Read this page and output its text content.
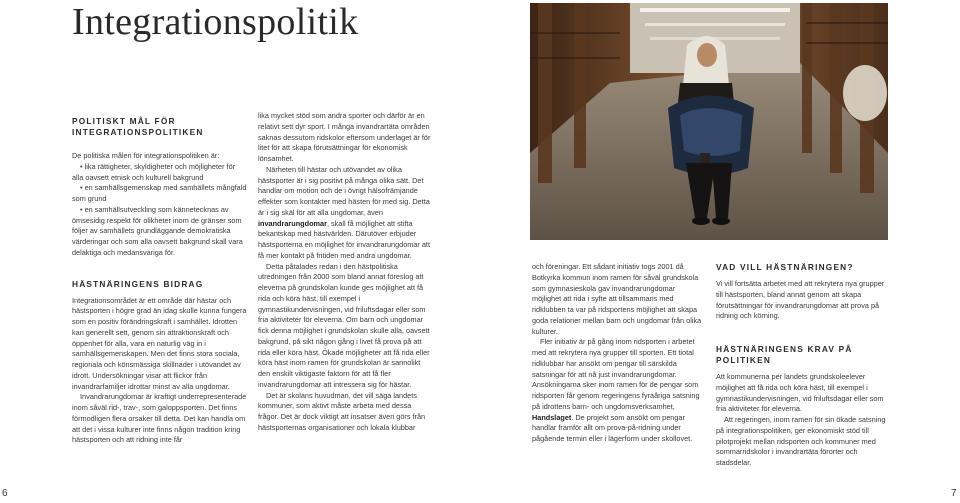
Integrationspolitik

POLITISKT MÅL FÖR

INTEGRATIONSPOLITIKEN

De politiska målen för integrationspolitiken är:

• lika rättigheter, skyldigheter och möjligheter för alla oavsett etnisk och kulturell bakgrund

• en samhällsgemenskap med samhällets mångfald som grund

• en samhällsutveckling som kännetecknas av ömsesidig respekt för olikheter inom de gränser som följer av samhällets grundläggande demokratiska värderingar och som alla oavsett bakgrund skall vara delaktiga och medansvariga för.

HÄSTNÄRINGENS BIDRAG

Integrationsområdet är ett område där hästar och hästsporten i högre grad än idag skulle kunna fungera som en positiv förändringskraft i samhället. Idrotten kan generellt sett, genom sin attraktionskraft och öppenhet för alla, vara en naturlig väg in i samhällsgemenskapen. Men det finns stora sociala, regionala och könsmässiga skillnader i utövandet av idrott. Undersökningar visar att flickor från invandrarfamiljer idrottar minst av alla ungdomar.

Invandrarungdomar är kraftigt underrepresenterade inom såväl rid-, trav-, som galoppsporten. Det finns förmodligen flera orsaker till detta. Det kan handla om att det i vissa kulturer inte finns någon tradition kring hästsporten och att ridning inte får

lika mycket stöd som andra sporter och därför är en relativt sett dyr sport. I många invandrartäta områden saknas dessutom ridskolor eftersom underlaget är för litet för att skapa förutsättningar för ekonomisk lönsamhet.

Närheten till hästar och utövandet av olika hästsporter är i sig positivt på många olika sätt. Det handlar om motion och de i övrigt hälsofrämjande effekter som kontakter med hästen för med sig. Detta är i sig skäl för att alla ungdomar, även invandrarungdomar, skall få möjlighet att stifta bekantskap med hästvärlden. Därutöver erbjuder hästsporterna en möjlighet för invandrarungdomar att få mer kontakt på fritiden med andra ungdomar.

Detta påtalades redan i den hästpolitiska utredningen från 2000 som bland annat föreslog att eleverna på grundskolan kunde ges möjlighet att få rida och köra häst, till exempel i gymnastikundervisningen, vid friluftsdagar eller som fria aktiviteter för eleverna. Om barn och ungdomar fick denna möjlighet i grundskolan skulle alla, oavsett bakgrund, på sikt någon gång i livet få prova på att rida eller köra häst. Ökade möjligheter att få rida eller köra häst inom ramen för grundskolan är sannolikt den enskilt viktigaste faktorn för att få fler invandrarungdomar att intressera sig för hästar.

Det är skolans huvudman, det vill säga landets kommuner, som aktivt måste arbeta med dessa frågor. Det är dock viktigt att insatser även görs från hästsporternas organisationer och lokala klubbar

och föreningar. Ett sådant initiativ togs 2001 då Botkyrka kommun inom ramen för såväl grundskola som gymnasieskola gav invandrarungdomar möjlighet att rida i syfte att tillsammans med ridklubben ta var på ridsportens möjlighet att skapa goda relationer mellan barn och ungdomar från olika kulturer.

Fler initiativ är på gång inom ridsporten i arbetet med att rekrytera nya grupper till sporten. Ett tiotal ridklubbar har ansökt om pengar till särskilda satsningar för att nå just invandrarungdomar. Ansökningarna sker inom ramen för de pengar som ridsporten får genom regeringens fyraåriga satsning på idrottens barn- och ungdomsverksamhet, Handslaget. De projekt som ansökt om pengar handlar framför allt om prova-på-ridning under pågående termin eller i lägerform under skollovet.

VAD VILL HÄSTNÄRINGEN?

Vi vill fortsätta arbetet med att rekrytera nya grupper till hästsporten, bland annat genom att skapa förutsättningar för invandrarungdomar att prova på ridning och körning.

HÄSTNÄRINGENS KRAV PÅ POLITIKEN

Att kommunerna per landets grundskoleelever möjlighet att få rida och köra häst, till exempel i gymnastikundervisningen, vid friluftsdagar eller som fria aktiviteter för eleverna.

Att regeringen, inom ramen för sin ökade satsning på integrationspolitiken, ger ekonomiskt stöd till pilotprojekt mellan ridsporten och kommuner med sommarridskolor i invandrartäta förorter och stadsdelar.

6	7
